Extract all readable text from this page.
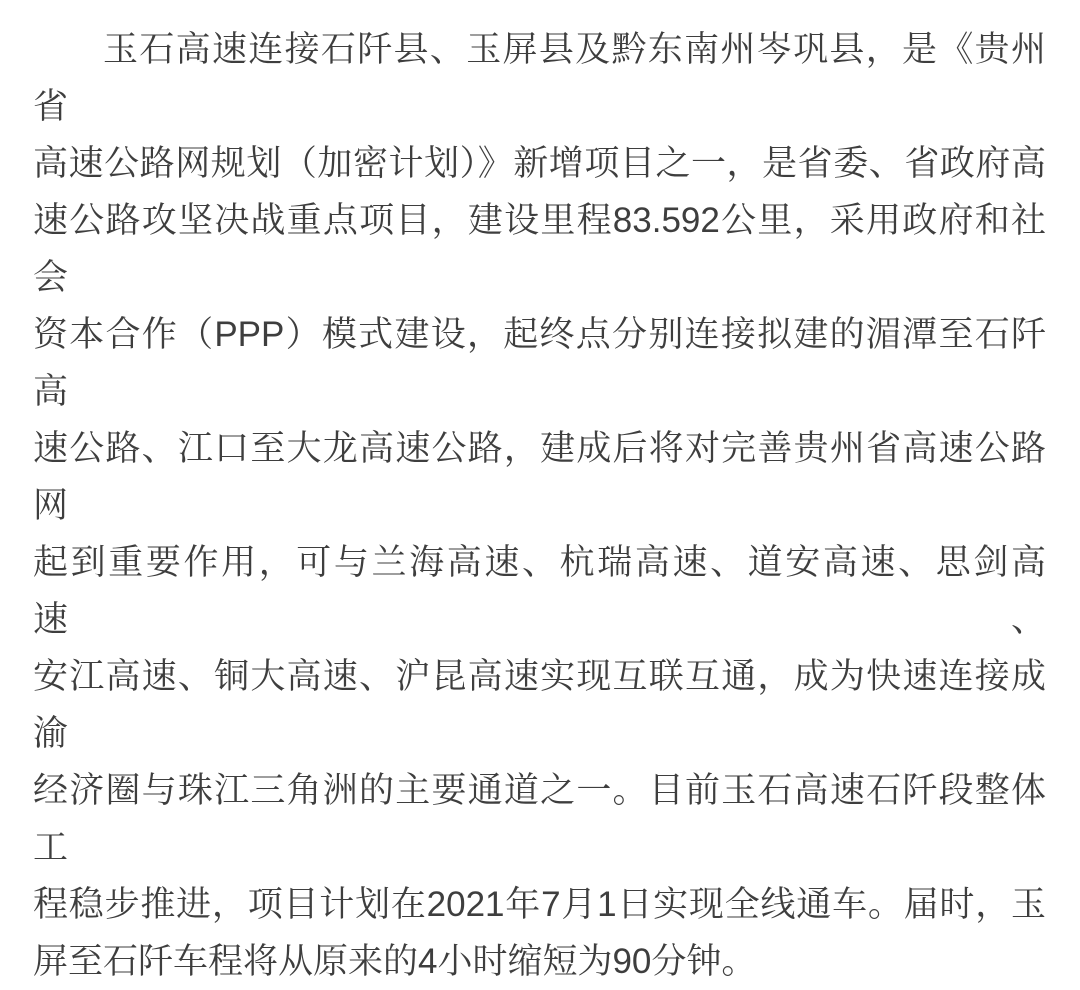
玉石高速连接石阡县、玉屏县及黔东南州岑巩县，是《贵州省
高速公路网规划（加密计划）》新增项目之一，是省委、省政府高
速公路攻坚决战重点项目，建设里程83.592公里，采用政府和社会
资本合作（PPP）模式建设，起终点分别连接拟建的湄潭至石阡高
速公路、江口至大龙高速公路，建成后将对完善贵州省高速公路网
起到重要作用，可与兰海高速、杭瑞高速、道安高速、思剑高速、
安江高速、铜大高速、沪昆高速实现互联互通，成为快速连接成渝
经济圈与珠江三角洲的主要通道之一。目前玉石高速石阡段整体工
程稳步推进，项目计划在2021年7月1日实现全线通车。届时，玉
屏至石阡车程将从原来的4小时缩短为90分钟。
